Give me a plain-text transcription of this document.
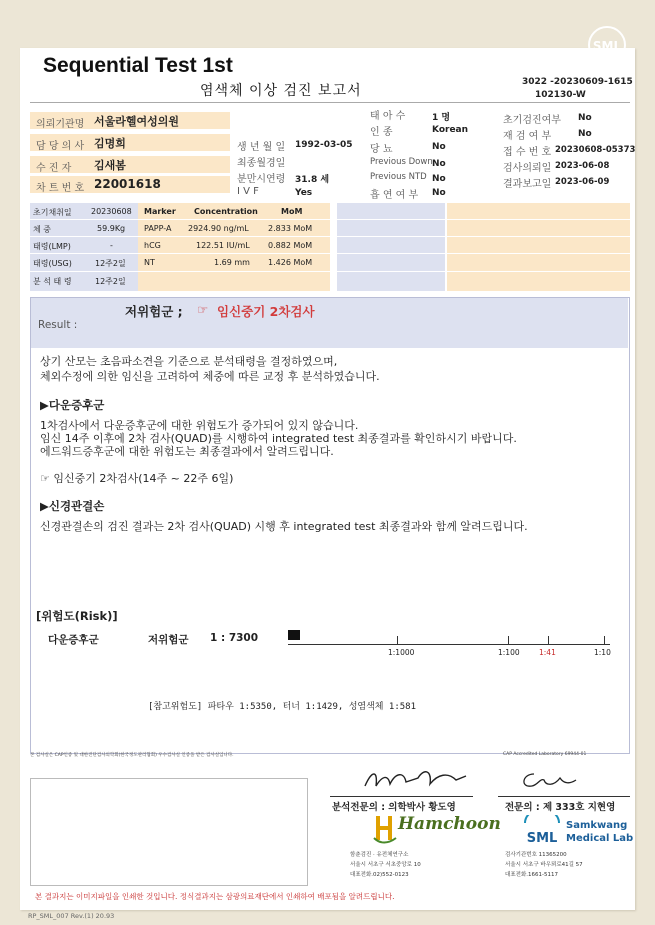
SML
Sequential Test 1st
염색체 이상 검진 보고서
3022 -20230609-1615
102130-W
의뢰기관명 서울라헬여성의원
담 당 의 사 김명희
수 진 자 김새봄
차 트 번 호 22001618
생 년 월 일 1992-03-05
최종월경일
분만시연령 31.8 세
I V F	Yes
태 아 수	1 명
인 종	Korean
당 뇨	No
Previous Down No
Previous NTD No
흡 연 여 부 No
초기검진여부 No
재 검 여 부	No
접 수 번 호 20230608-05373
검사의뢰일 2023-06-08
결과보고일 2023-06-09
초기채취일 20230608
체 중	59.9Kg
태령(LMP)	-
태령(USG)	12주2일
분 석 태 령	12주2일
Marker Concentration	MoM
PAPP-A 2924.90 ng/mL 2.833 MoM
hCG	122.51 IU/mL 0.882 MoM
NT	1.69 mm 1.426 MoM
Result :
저위험군 ; ☞ 임신중기 2차검사
상기 산모는 초음파소견을 기준으로 분석태령을 결정하였으며,
체외수정에 의한 임신을 고려하여 체중에 따른 교정 후 분석하였습니다.
▶다운증후군
1차검사에서 다운증후군에 대한 위험도가 증가되어 있지 않습니다.
임신 14주 이후에 2차 검사(QUAD)를 시행하여 integrated test 최종결과를 확인하시기 바랍니다.
에드워드증후군에 대한 위험도는 최종결과에서 알려드립니다.
☞ 임신중기 2차검사(14주 ~ 22주 6일)
▶신경관결손
신경관결손의 검진 결과는 2차 검사(QUAD) 시행 후 integrated test 최종결과와 함께 알려드립니다.
[위험도(Risk)]
다운증후군	저위험군 1 : 7300
1:1000	1:100	1:41	1:10
[참고위험도] 파타우 1:5350, 터너 1:1429, 성염색체 1:581
본 검사실은 CAP인증 및 대한진단검사의학회(한국정도관리협회) 우수검사실 인증을 받은 검사실입니다.	CAP Accredited Laboratory 69944-01
분석전문의 : 의학박사 황도영	전문의 : 제 333호 지현영
Hamchoon
함춘검진 · 유전체연구소
서울시 서초구 서초중앙로 10
대표전화.02)552-0123
SML
Samkwang
Medical Lab
검사기관번호 11365200
서울시 서초구 바우뫼로41길 57
대표전화.1661-5117
본 결과지는 이미지파일을 인쇄한 것입니다. 정식결과지는 삼광의료재단에서 인쇄하여 배포됨을 알려드립니다.
RP_SML_007 Rev.(1) 20.93
